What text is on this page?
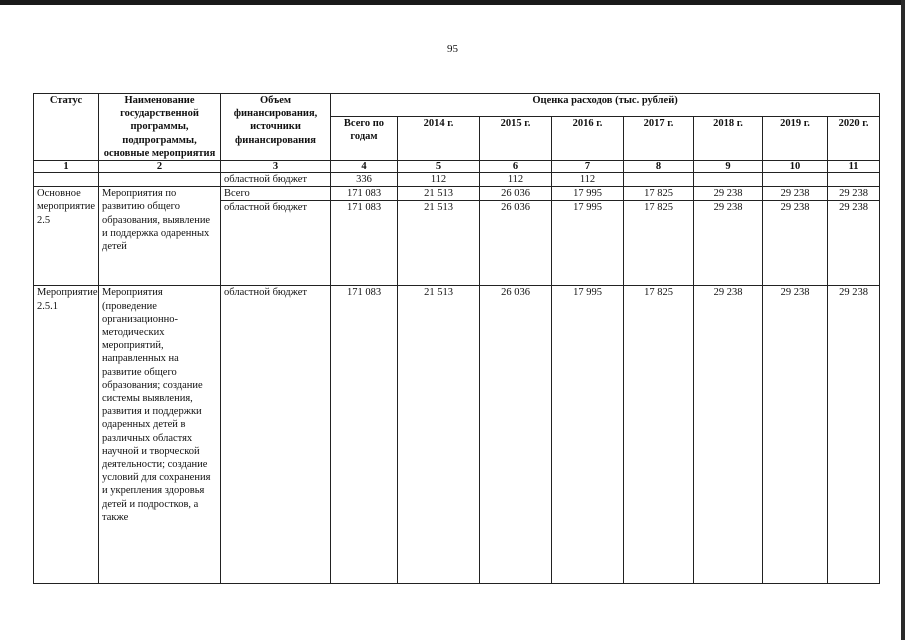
95
Статус	Наименование государственной программы, подпрограммы, основные мероприятия	Объем финансирования, источники финансирования	Оценка расходов (тыс. рублей)							
			Всего по годам	2014 г.	2015 г.	2016 г.	2017 г.	2018 г.	2019 г.	2020 г.
1	2	3	4	5	6	7	8	9	10	11
		областной бюджет	336	112	112	112				
Основное мероприятие 2.5	Мероприятия по развитию общего образования, выявление и поддержка одаренных детей	Всего	171 083	21 513	26 036	17 995	17 825	29 238	29 238	29 238
		областной бюджет	171 083	21 513	26 036	17 995	17 825	29 238	29 238	29 238
Мероприятие 2.5.1	Мероприятия (проведение организационно-методических мероприятий, направленных на развитие общего образования; создание системы выявления, развития и поддержки одаренных детей в различных областях научной и творческой деятельности; создание условий для сохранения и укрепления здоровья детей и подростков, а также	областной бюджет	171 083	21 513	26 036	17 995	17 825	29 238	29 238	29 238
